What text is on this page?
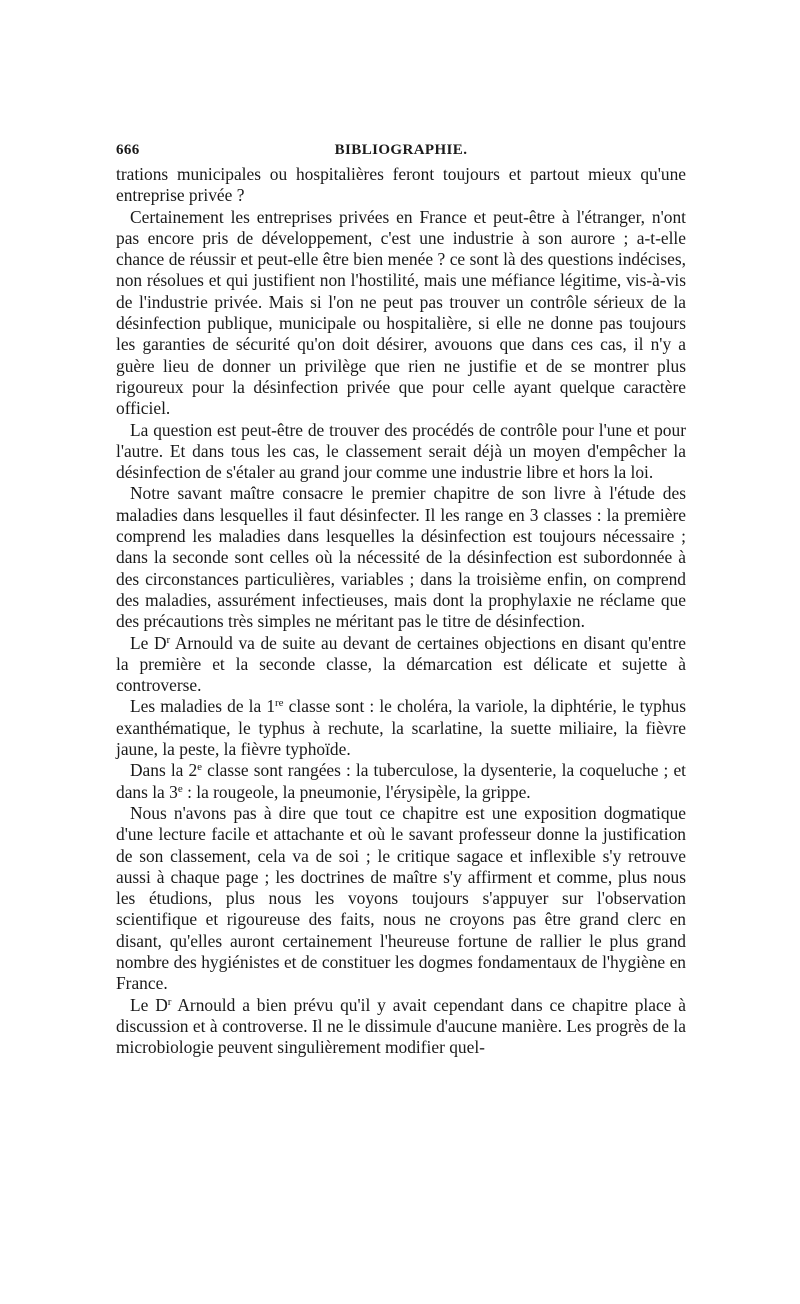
666	BIBLIOGRAPHIE.

trations municipales ou hospitalières feront toujours et partout mieux qu'une entreprise privée ?

Certainement les entreprises privées en France et peut-être à l'étranger, n'ont pas encore pris de développement, c'est une industrie à son aurore ; a-t-elle chance de réussir et peut-elle être bien menée ? ce sont là des questions indécises, non résolues et qui justifient non l'hostilité, mais une méfiance légitime, vis-à-vis de l'industrie privée. Mais si l'on ne peut pas trouver un contrôle sérieux de la désinfection publique, municipale ou hospitalière, si elle ne donne pas toujours les garanties de sécurité qu'on doit désirer, avouons que dans ces cas, il n'y a guère lieu de donner un privilège que rien ne justifie et de se montrer plus rigoureux pour la désinfection privée que pour celle ayant quelque caractère officiel.

La question est peut-être de trouver des procédés de contrôle pour l'une et pour l'autre. Et dans tous les cas, le classement serait déjà un moyen d'empêcher la désinfection de s'étaler au grand jour comme une industrie libre et hors la loi.

Notre savant maître consacre le premier chapitre de son livre à l'étude des maladies dans lesquelles il faut désinfecter. Il les range en 3 classes : la première comprend les maladies dans lesquelles la désinfection est toujours nécessaire ; dans la seconde sont celles où la nécessité de la désinfection est subordonnée à des circonstances particulières, variables ; dans la troisième enfin, on comprend des maladies, assurément infectieuses, mais dont la prophylaxie ne réclame que des précautions très simples ne méritant pas le titre de désinfection.

Le $D^r$ Arnould va de suite au devant de certaines objections en disant qu'entre la première et la seconde classe, la démarcation est délicate et sujette à controverse.

Les maladies de la 1re classe sont : le choléra, la variole, la diphtérie, le typhus exanthématique, le typhus à rechute, la scarlatine, la suette miliaire, la fièvre jaune, la peste, la fièvre typhoïde.

Dans la 2e classe sont rangées : la tuberculose, la dysenterie, la coqueluche ; et dans la 3e : la rougeole, la pneumonie, l'érysipèle, la grippe.

Nous n'avons pas à dire que tout ce chapitre est une exposition dogmatique d'une lecture facile et attachante et où le savant professeur donne la justification de son classement, cela va de soi ; le critique sagace et inflexible s'y retrouve aussi à chaque page ; les doctrines de maître s'y affirment et comme, plus nous les étudions, plus nous les voyons toujours s'appuyer sur l'observation scientifique et rigoureuse des faits, nous ne croyons pas être grand clerc en disant, qu'elles auront certainement l'heureuse fortune de rallier le plus grand nombre des hygiénistes et de constituer les dogmes fondamentaux de l'hygiène en France.

Le $D^r$ Arnould a bien prévu qu'il y avait cependant dans ce chapitre place à discussion et à controverse. Il ne le dissimule d'aucune manière. Les progrès de la microbiologie peuvent singulièrement modifier quel-
